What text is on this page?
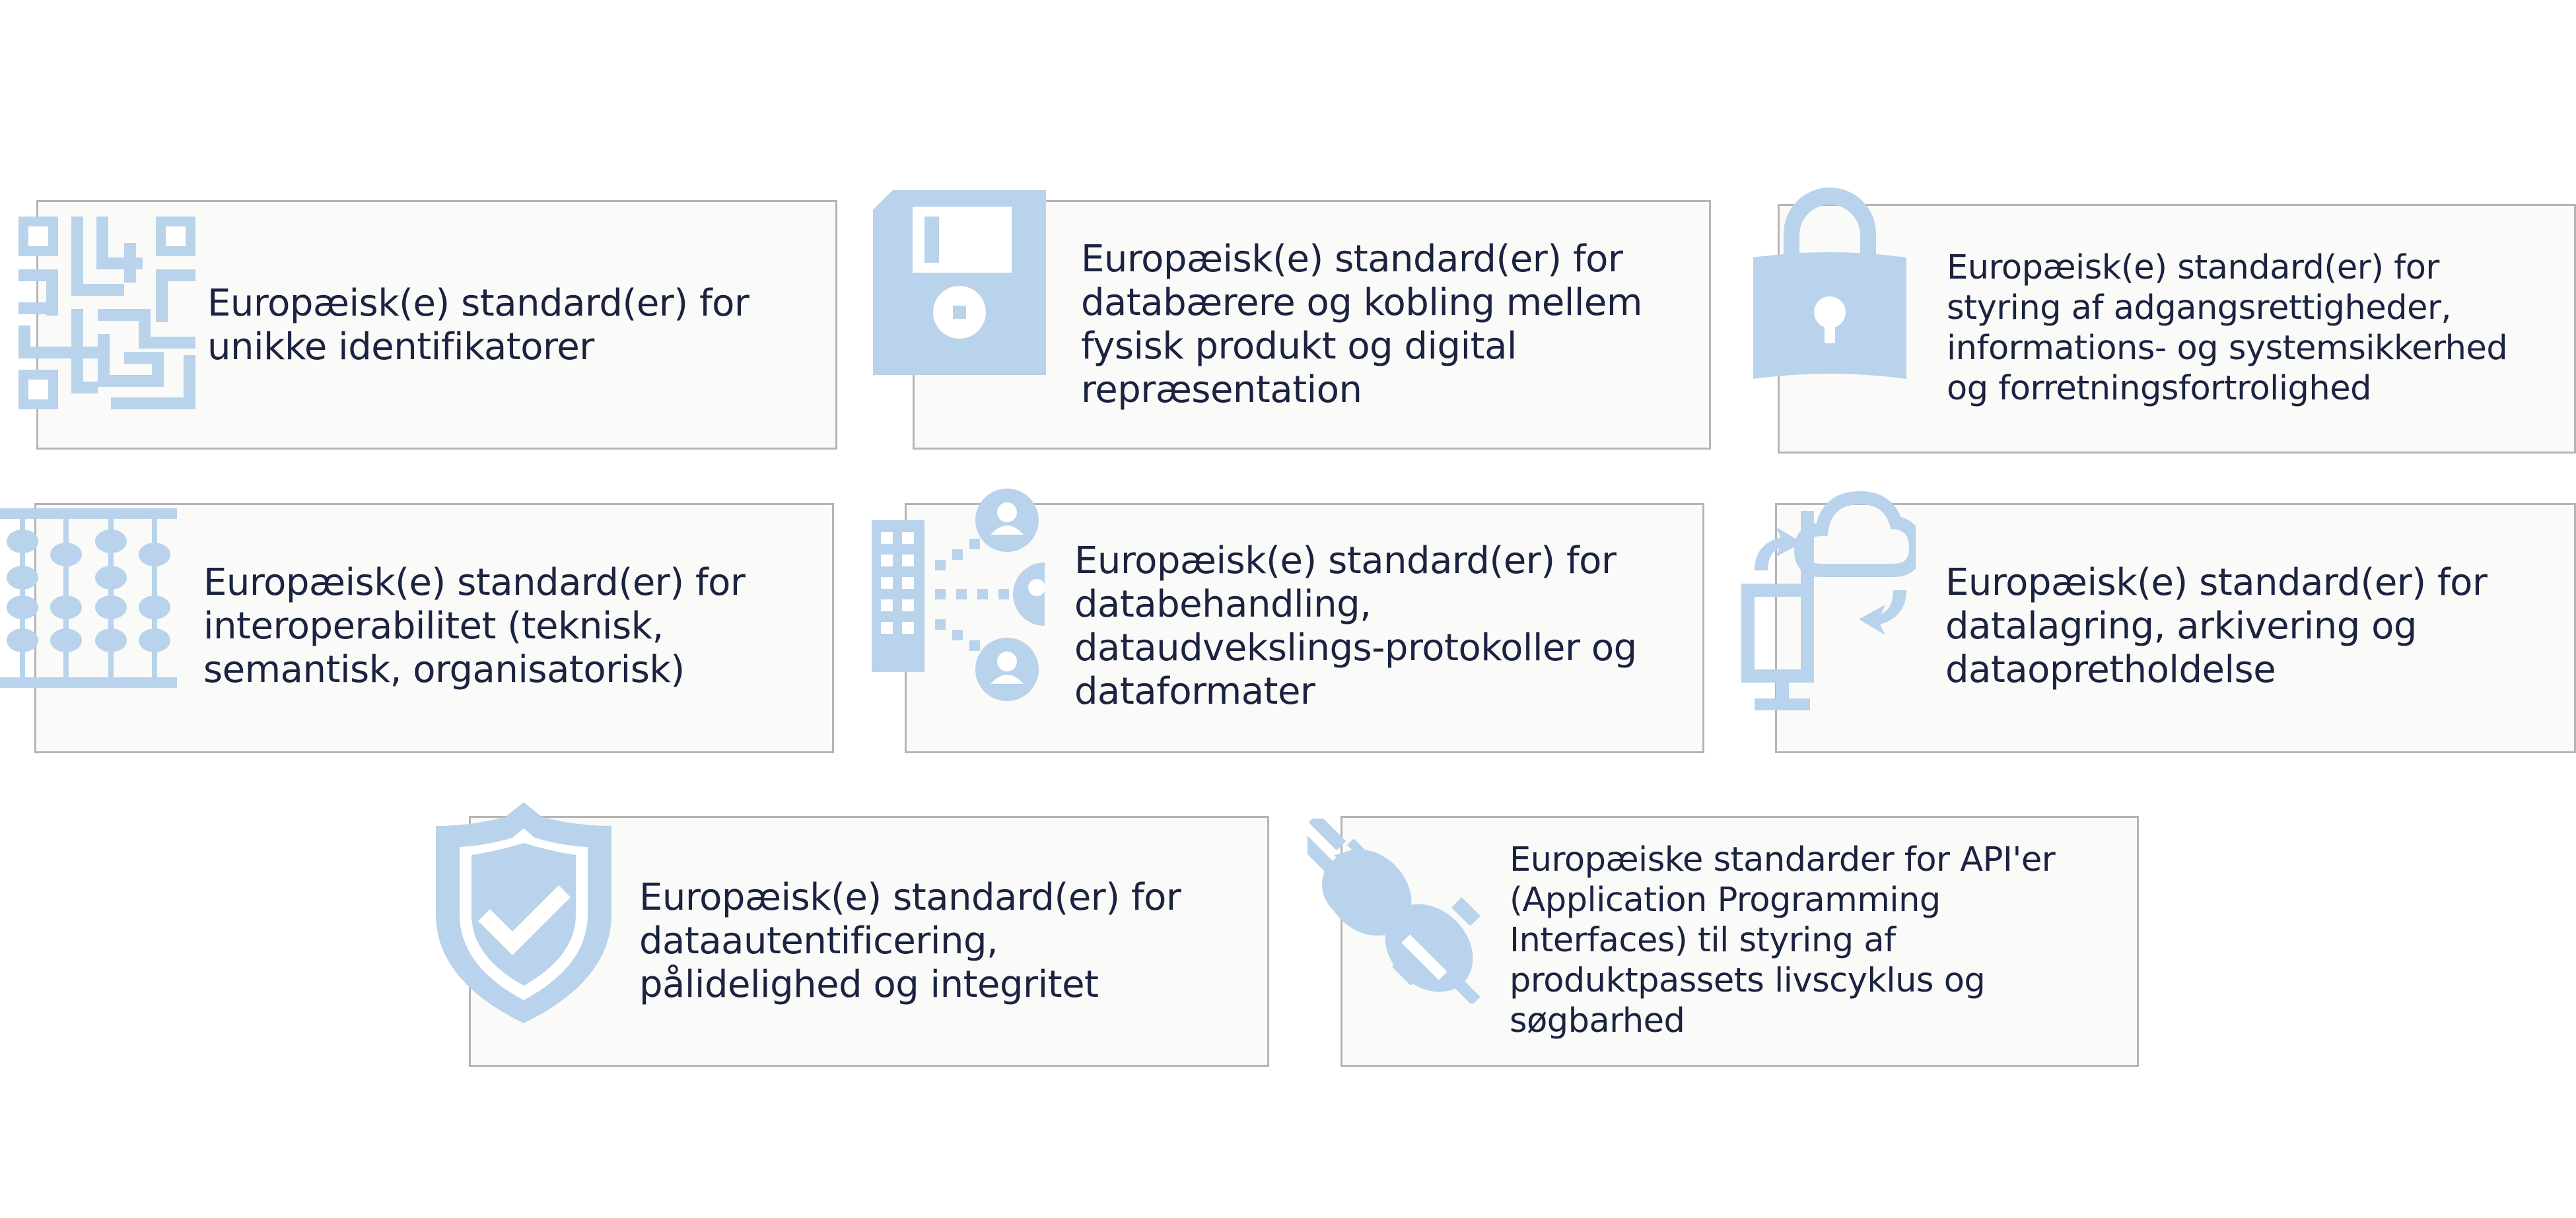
Europæisk(e) standard(er) for
unikke identifikatorer
Europæisk(e) standard(er) for
databærere og kobling mellem
fysisk produkt og digital
repræsentation
Europæisk(e) standard(er) for
styring af adgangsrettigheder,
informations- og systemsikkerhed
og forretningsfortrolighed
Europæisk(e) standard(er) for
interoperabilitet (teknisk,
semantisk, organisatorisk)
Europæisk(e) standard(er) for
databehandling,
dataudvekslings-protokoller og
dataformater
Europæisk(e) standard(er) for
datalagring, arkivering og
dataopretholdelse
Europæisk(e) standard(er) for
dataautentificering,
pålidelighed og integritet
Europæiske standarder for API'er
(Application Programming
Interfaces) til styring af
produktpassets livscyklus og
søgbarhed
